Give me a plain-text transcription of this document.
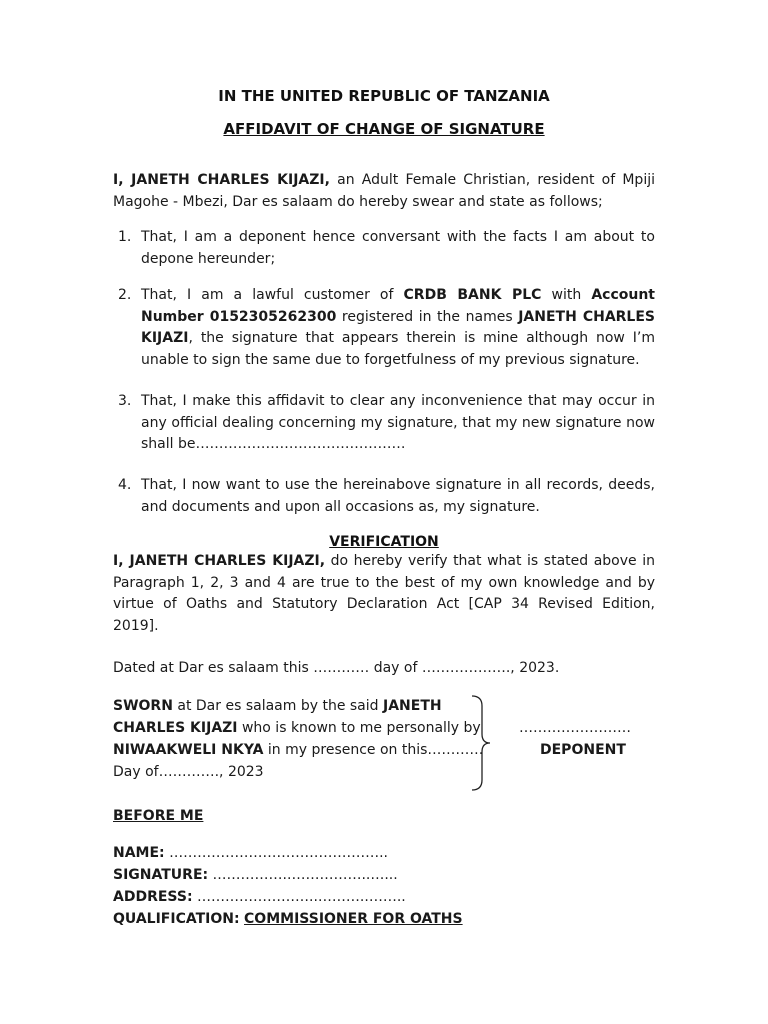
IN THE UNITED REPUBLIC OF TANZANIA
AFFIDAVIT OF CHANGE OF SIGNATURE

I, JANETH CHARLES KIJAZI, an Adult Female Christian, resident of Mpiji Magohe - Mbezi, Dar es salaam do hereby swear and state as follows;

1. That, I am a deponent hence conversant with the facts I am about to depone hereunder;
2. That, I am a lawful customer of CRDB BANK PLC with Account Number 0152305262300 registered in the names JANETH CHARLES KIJAZI, the signature that appears therein is mine although now I’m unable to sign the same due to forgetfulness of my previous signature.
3. That, I make this affidavit to clear any inconvenience that may occur in any official dealing concerning my signature, that my new signature now shall be………………………………………
4. That, I now want to use the hereinabove signature in all records, deeds, and documents and upon all occasions as, my signature.
VERIFICATION

I, JANETH CHARLES KIJAZI, do hereby verify that what is stated above in Paragraph 1, 2, 3 and 4 are true to the best of my own knowledge and by virtue of Oaths and Statutory Declaration Act [CAP 34 Revised Edition, 2019].

Dated at Dar es salaam this ………… day of ………………., 2023.
SWORN at Dar es salaam by the said JANETH
CHARLES KIJAZI who is known to me personally by
NIWAAKWELI NKYA in my presence on this…………
Day of…………., 2023
……………………
DEPONENT
BEFORE ME
NAME: ………………………………………..
SIGNATURE: ……………..……………..…...
ADDRESS: ……………………..………..……..
QUALIFICATION: COMMISSIONER FOR OATHS
